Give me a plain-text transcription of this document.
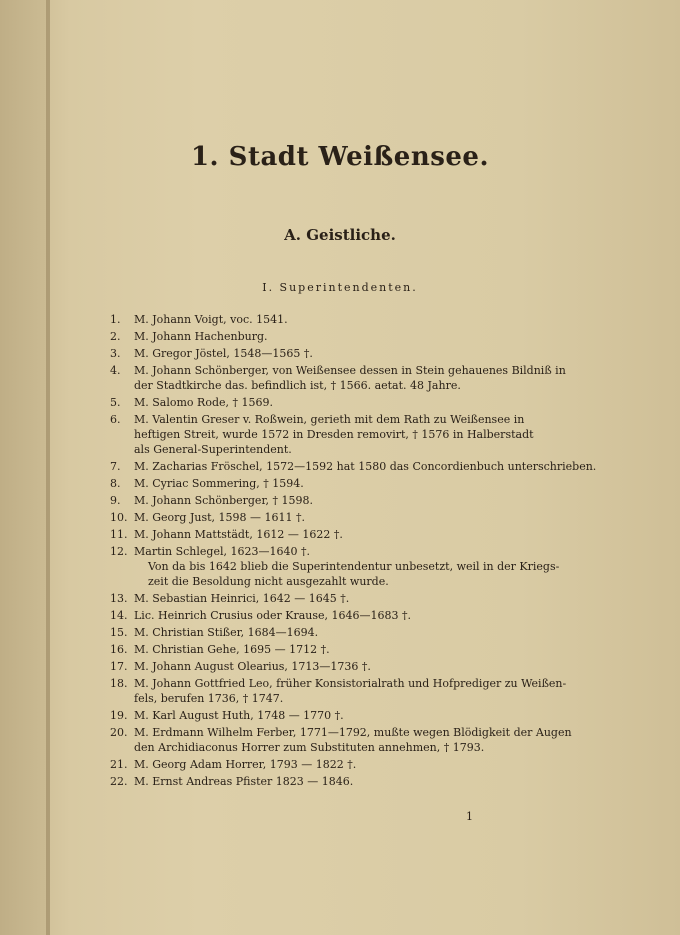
1. Stadt Weißensee.
A. Geistliche.
I. Superintendenten.
1.	M. Johann Voigt, voc. 1541.
2.	M. Johann Hachenburg.
3.	M. Gregor Jöstel, 1548—1565 †.
4.	M. Johann Schönberger, von Weißensee dessen in Stein gehauenes Bildniß in
der Stadtkirche das. befindlich ist, † 1566. aetat. 48 Jahre.
5.	M. Salomo Rode, † 1569.
6.	M. Valentin Greser v. Roßwein, gerieth mit dem Rath zu Weißensee in
heftigen Streit, wurde 1572 in Dresden removirt, † 1576 in Halberstadt
als General-Superintendent.
7.	M. Zacharias Fröschel, 1572—1592 hat 1580 das Concordienbuch unterschrieben.
8.	M. Cyriac Sommering, † 1594.
9.	M. Johann Schönberger, † 1598.
10. M. Georg Just, 1598 — 1611 †.
11. M. Johann Mattstädt, 1612 — 1622 †.
12. Martin Schlegel, 1623—1640 †.
Von da bis 1642 blieb die Superintendentur unbesetzt, weil in der Kriegs-
zeit die Besoldung nicht ausgezahlt wurde.
13. M. Sebastian Heinrici, 1642 — 1645 †.
14. Lic. Heinrich Crusius oder Krause, 1646—1683 †.
15. M. Christian Stißer, 1684—1694.
16. M. Christian Gehe, 1695 — 1712 †.
17. M. Johann August Olearius, 1713—1736 †.
18. M. Johann Gottfried Leo, früher Konsistorialrath und Hofprediger zu Weißen-
fels, berufen 1736, † 1747.
19. M. Karl August Huth, 1748 — 1770 †.
20. M. Erdmann Wilhelm Ferber, 1771—1792, mußte wegen Blödigkeit der Augen
den Archidiaconus Horrer zum Substituten annehmen, † 1793.
21. M. Georg Adam Horrer, 1793 — 1822 †.
22. M. Ernst Andreas Pfister 1823 — 1846.
1
